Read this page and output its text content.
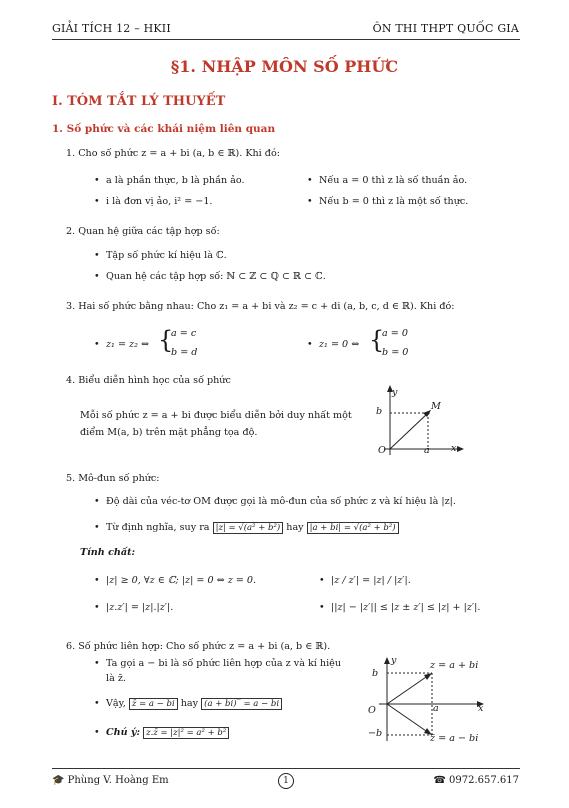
GIẢI TÍCH 12 – HKII	ÔN THI THPT QUỐC GIA
§1. NHẬP MÔN SỐ PHỨC
I. TÓM TẮT LÝ THUYẾT
1. Số phức và các khái niệm liên quan
1. Cho số phức z = a + bi (a, b ∈ ℝ). Khi đó:
• a là phần thực, b là phần ảo.	• Nếu a = 0 thì z là số thuần ảo.
• i là đơn vị ảo, i² = −1.	• Nếu b = 0 thì z là một số thực.
2. Quan hệ giữa các tập hợp số:
• Tập số phức kí hiệu là ℂ.
• Quan hệ các tập hợp số: ℕ ⊂ ℤ ⊂ ℚ ⊂ ℝ ⊂ ℂ.
3. Hai số phức bằng nhau: Cho z₁ = a + bi và z₂ = c + di (a, b, c, d ∈ ℝ). Khi đó:
• z₁ = z₂ ⇔ {
a = c
b = d
• z₁ = 0 ⇔ {
a = 0
b = 0
4. Biểu diễn hình học của số phức
Mỗi số phức z = a + bi được biểu diễn bởi duy nhất một
điểm M(a, b) trên mặt phẳng tọa độ.
y
x
O	a
b	M
5. Mô-đun số phức:
• Độ dài của véc-tơ OM được gọi là mô-đun của số phức z và kí hiệu là |z|.
• Từ định nghĩa, suy ra |z| = √(a² + b²) hay |a + bi| = √(a² + b²)
Tính chất:
• |z| ≥ 0, ∀z ∈ ℂ; |z| = 0 ⇔ z = 0.	• |z / z′| = |z| / |z′|.
• |z.z′| = |z|.|z′|.	• ||z| − |z′|| ≤ |z ± z′| ≤ |z| + |z′|.
6. Số phức liên hợp: Cho số phức z = a + bi (a, b ∈ ℝ).
• Ta gọi a − bi là số phức liên hợp của z và kí hiệu
là z̄.
• Vậy, z̄ = a − bi hay (a + bi)‾ = a − bi
• Chú ý: z.z̄ = |z|² = a² + b²
y
x
O	a
b
−b
z = a + bi
z̄ = a − bi
🎓 Phùng V. Hoàng Em	1	☎ 0972.657.617
